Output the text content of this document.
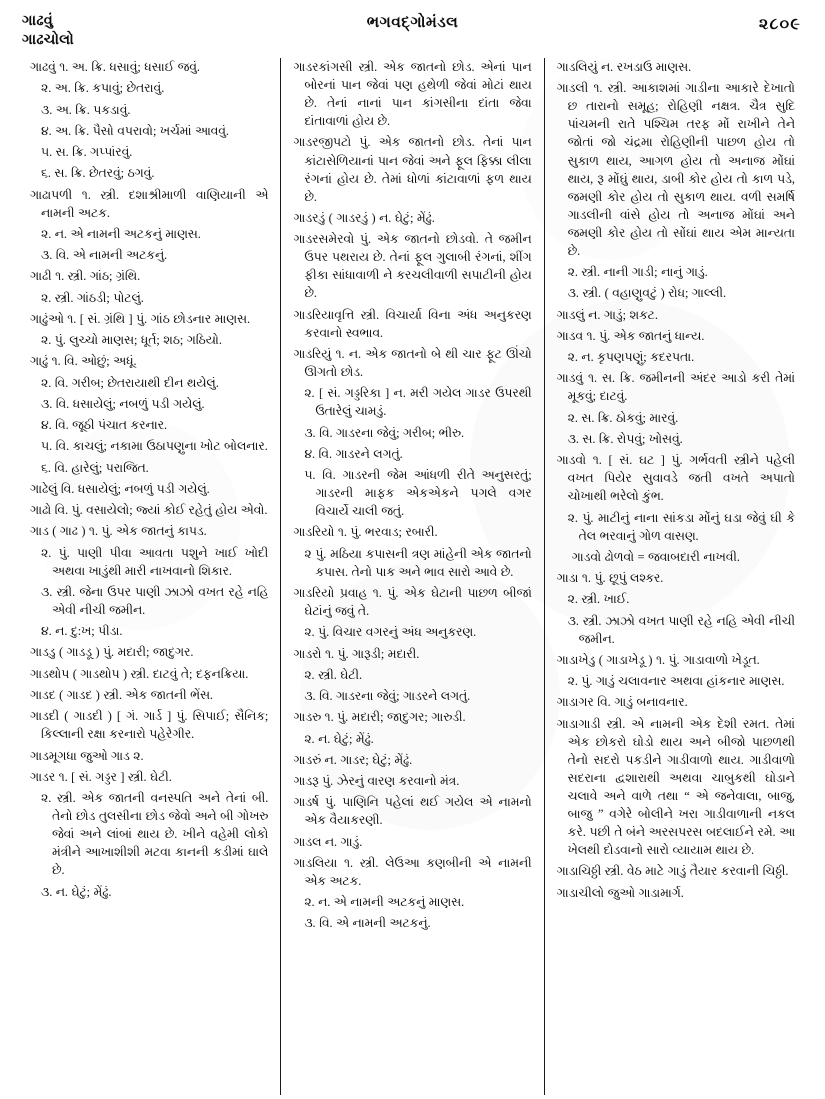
ગાઢવું
ગાઢચોલો
ભગવદ્ગોમંડલ	૨૮૦૯

ગાઢવું ૧. અ. ક્રિ. ધસાવું; ધસાઈ જવું.

૨. અ. ક્રિ. કપાવું; છેતરાવું.

૩. અ. ક્રિ. પકડાવું.

૪. અ. ક્રિ. પૈસો વપરાવો; ખર્ચમાં આવવું.

૫. સ. ક્રિ. ગપ્પાંરવું.

૬. સ. ક્રિ. છેતરવું; ઠગવું.

ગાઢાપળી ૧. સ્ત્રી. દશાશ્રીમાળી વાણિયાની એ નામની અટક.

૨. ન. એ નામની અટકનું માણસ.

૩. વિ. એ નામની અટકનું.

ગાઢી ૧. સ્ત્રી. ગાંઠ; ગ્રંથિ.

૨. સ્ત્રી. ગાંઠડી; પોટલું.

ગાઢુંઓ ૧. [ સં. ગ્રંથિ ] પું. ગાંઠ છોડનાર માણસ.

૨. પું. લુચ્ચો માણસ; ધૂર્ત; શઠ; ગઠિયો.

ગાઢું ૧. વિ. ઓછું; અધૂં.

૨. વિ. ગરીબ; છેતરાયાથી દીન થયેલું.

૩. વિ. ધસાયેલું; નબળું પડી ગયેલું.

૪. વિ. જૂઠી પંચાત કરનાર.

૫. વિ. કાચલું; નકામા ઉઠાપણુના ખોટ બોલનાર.

૬. વિ. હારેલું; પરાજિત.

ગાઢેલું વિ. ધસાયેલું; નબળું પડી ગયેલું.

ગાઢો વિ. પું. વસાયેલો; જ્યાં કોઈ રહેતું હોય એવો.

ગાડ ( ગાઢ ) ૧. પું. એક જાતનું કાપડ.

૨. પું. પાણી પીવા આવતા પશુને ખાઈ ખોદી અથવા ખાડુંથી મારી નાખવાનો શિકાર.

૩. સ્ત્રી. જેના ઉપર પાણી ઝાઝો વખત રહે નહિ એવી નીચી જમીન.

૪. ન. દુ:ખ; પીડા.

ગાડડુ ( ગાડડૂ ) પું. મદારી; જાદુગર.

ગાડથોપ ( ગાડથોપ ) સ્ત્રી. દાટવું તે; દફનક્રિયા.

ગાડદ ( ગાડદ ) સ્ત્રી. એક જાતની ભેંસ.

ગાડદી ( ગાડદી ) [ ગં. ગાર્ડ ] પું. સિપાઈ; સૈનિક; કિલ્લાની રક્ષા કરનારો પહેરેગીર.

ગાડમૂગધા જુઓ ગાડ ૨.

ગાડર ૧. [ સં. ગડ્ડર ] સ્ત્રી. ઘેટી.

૨. સ્ત્રી. એક જાતની વનસ્પતિ અને તેનાં બી. તેનો છોડ તુલસીના છોડ જેવો અને બી ગોખરુ જેવાં અને લાંબાં થાય છે. ખીને વહેમી લોકો મંત્રીને આખાશીશી મટવા કાનની કડીમાં ઘાલે છે.

૩. ન. ઘેટું; મેંઢું.

ગાડરકાંગસી સ્ત્રી. એક જાતનો છોડ. એનાં પાન બોરનાં પાન જેવાં પણ હથેળી જેવાં મોટાં થાય છે. તેનાં નાનાં પાન કાંગસીના દાંતા જેવા દાંતાવાળાં હોય છે.

ગાડરજીપટો પું. એક જાતનો છોડ. તેનાં પાન કાંટાસેળિયાનાં પાન જેવાં અને ફૂલ ફિક્કા લીલા રંગનાં હોય છે. તેમાં ધોળાં કાંટાવાળાં ફળ થાય છે.

ગાડરડું ( ગાડરડું ) ન. ઘેટું; મેંઢું.

ગાડરસમેરવો પું. એક જાતનો છોડવો. તે જમીન ઉપર પથરાય છે. તેનાં ફૂલ ગુલાબી રંગનાં, શીંગ ફીકા સાંધાવાળી ને કરચલીવાળી સપાટીની હોય છે.

ગાડરિયાવૃત્તિ સ્ત્રી. વિચાર્યા વિના અંધ અનુકરણ કરવાનો સ્વભાવ.

ગાડરિયું ૧. ન. એક જાતનો બે થી ચાર ફૂટ ઊંચો ઊગતો છોડ.

૨. [ સં. ગડ્ડરિકા ] ન. મરી ગયેલ ગાડર ઉપરથી ઉતારેલું ચામડું.

૩. વિ. ગાડરના જેવું; ગરીબ; ભીરુ.

૪. વિ. ગાડરને લગતું.

૫. વિ. ગાડરની જેમ આંધળી રીતે અનુસરતું; ગાડરની માફક એકએકને પગલે વગર વિચાર્યે ચાલી જતું.

ગાડરિયો ૧. પું. ભરવાડ; રબારી.

૨ પું. મઠિયા કપાસની ત્રણ માંહેની એક જાતનો કપાસ. તેનો પાક અને ભાવ સારો આવે છે.

ગાડરિયો પ્રવાહ ૧. પું. એક ઘેટાની પાછળ બીજાં ઘેટાંનું જવું તે.

૨. પું. વિચાર વગરનું અંધ અનુકરણ.

ગાડરો ૧. પું. ગારૂડી; મદારી.

૨. સ્ત્રી. ઘેટી.

૩. વિ. ગાડરના જેવું; ગાડરને લગતું.

ગાડરુ ૧. પું. મદારી; જાદુગર; ગારુડી.

૨. ન. ઘેટું; મેંઢું.

ગાડરું ન. ગાડર; ઘેટું; મેંઢું.

ગાડરૂ પું. ઝેરનું વારણ કરવાનો મંત્ર.

ગાડર્ષ પું. પાણિનિ પહેલાં થઈ ગયેલ એ નામનો એક વૈયાકરણી.

ગાડલ ન. ગાડું.

ગાડલિયા ૧. સ્ત્રી. લેઉઆ કણબીની એ નામની એક અટક.

૨. ન. એ નામની અટકનું માણસ.

૩. વિ. એ નામની અટકનું.

ગાડલિયું ન. રખડાઉ માણસ.

ગાડલી ૧. સ્ત્રી. આકાશમાં ગાડીના આકારે દેખાતો છ તારાનો સમૂહ; રોહિણી નક્ષત્ર. ચૈત્ર સુદિ પાંચમની રાતે પશ્ચિમ તરફ મોં રાખીને તેને જોતાં જો ચંદ્રમા રોહિણીની પાછળ હોય તો સુકાળ થાય, આગળ હોય તો અનાજ મોંઘાં થાય, રૂ મોંઘું થાય, ડાબી કોર હોય તો કાળ પડે, જમણી કોર હોય તો સુકાળ થાય. વળી સમર્ષિ ગાડલીની વાંસે હોય તો અનાજ મોંઘાં અને જમણી કોર હોય તો સોંઘાં થાય એમ માન્યતા છે.

૨. સ્ત્રી. નાની ગાડી; નાનું ગાડું.

૩. સ્ત્રી. ( વહાણુવટું ) રોધ; ગાલ્લી.

ગાડલું ન. ગાડું; શકટ.

ગાડવ ૧. પું. એક જાતનું ધાન્ય.

૨. ન. કૃપણપણું; કદરપતા.

ગાડવું ૧. સ. ક્રિ. જમીનની અંદર આડો કરી તેમાં મૂકવું; દાટવું.

૨. સ. ક્રિ. ઠોકવું; મારવું.

૩. સ. ક્રિ. રોપવું; ખોસવું.

ગાડવો ૧. [ સં. ઘટ ] પું. ગર્ભવતી સ્ત્રીને પહેલી વખત પિયેર સુવાવડે જતી વખતે અપાતો ચોખાથી ભરેલો કુંભ.

૨. પું. માટીનું નાના સાંકડા મોંનું ઘડા જેવું ઘી કે તેલ ભરવાનું ગોળ વાસણ.

ગાડવો ઢોળવો = જવાબદારી નાખવી.

ગાડા ૧. પું. છૂપું લશ્કર.

૨. સ્ત્રી. ખાઈ.

૩. સ્ત્રી. ઝાઝો વખત પાણી રહે નહિ એવી નીચી જમીન.

ગાડાખેડુ ( ગાડાખેડૂ ) ૧. પું. ગાડાવાળો ખેડૂત.

૨. પું. ગાડું ચલાવનાર અથવા હાંકનાર માણસ.

ગાડાગર વિ. ગાડું બનાવનાર.

ગાડાગાડી સ્ત્રી. એ નામની એક દેશી રમત. તેમાં એક છોકરો ઘોડો થાય અને બીજો પાછળથી તેનો સદરો પકડીને ગાડીવાળો થાય. ગાડીવાળો સદરાના દ્વશારાથી અથવા ચાબુકથી ઘોડાને ચલાવે અને વાળે તથા “ એ જનેવાલા, બાજુ, બાજુ ” વગેરે બોલીને ખરા ગાડીવાળાની નકલ કરે. પછી તે બંને અરસપરસ બદલાઈને રમે. આ ખેલથી દોડવાનો સારો વ્યાયામ થાય છે.

ગાડાચિઠ્ઠી સ્ત્રી. વેઠ માટે ગાડું તૈયાર કરવાની ચિઠ્ઠી.

ગાડાચીલો જુઓ ગાડામાર્ગ.
